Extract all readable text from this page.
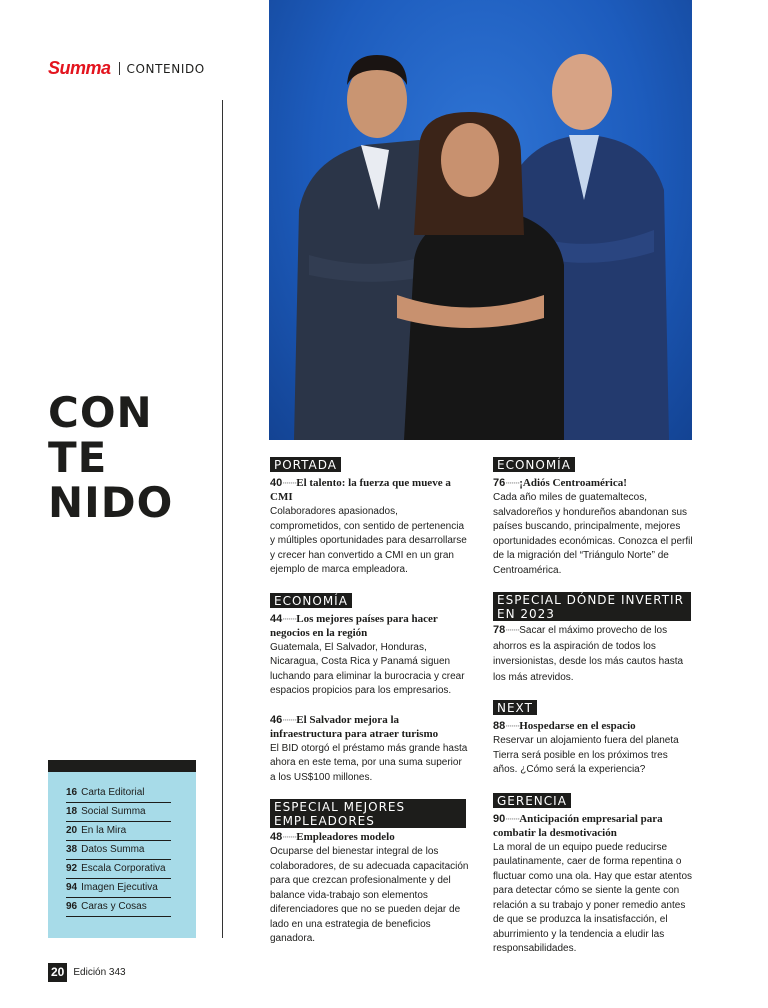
Summa CONTENIDO
CON
TE
NIDO
16 Carta Editorial
18 Social Summa
20 En la Mira
38 Datos Summa
92 Escala Corporativa
94 Imagen Ejecutiva
96 Caras y Cosas
PORTADA
40·······El talento: la fuerza que mueve a CMI
Colaboradores apasionados, comprometidos, con sentido de pertenencia y múltiples oportunidades para desarrollarse y crecer han convertido a CMI en un gran ejemplo de marca empleadora.
ECONOMÍA
44·······Los mejores países para hacer negocios en la región
Guatemala, El Salvador, Honduras, Nicaragua, Costa Rica y Panamá siguen luchando para eliminar la burocracia y crear espacios propicios para los empresarios.
46·······El Salvador mejora la infraestructura para atraer turismo
El BID otorgó el préstamo más grande hasta ahora en este tema, por una suma superior a los US$100 millones.
ESPECIAL MEJORES
EMPLEADORES
48·······Empleadores modelo
Ocuparse del bienestar integral de los colaboradores, de su adecuada capacitación para que crezcan profesionalmente y del balance vida-trabajo son elementos diferenciadores que no se pueden dejar de lado en una estrategia de beneficios ganadora.
ECONOMÍA
76·······¡Adiós Centroamérica!
Cada año miles de guatemaltecos, salvadoreños y hondureños abandonan sus países buscando, principalmente, mejores oportunidades económicas. Conozca el perfil de la migración del “Triángulo Norte” de Centroamérica.
ESPECIAL DÓNDE INVERTIR
EN 2023
78·······Sacar el máximo provecho de los ahorros es la aspiración de todos los inversionistas, desde los más cautos hasta los más atrevidos.
NEXT
88·······Hospedarse en el espacio
Reservar un alojamiento fuera del planeta Tierra será posible en los próximos tres años. ¿Cómo será la experiencia?
GERENCIA
90·······Anticipación empresarial para combatir la desmotivación
La moral de un equipo puede reducirse paulatinamente, caer de forma repentina o fluctuar como una ola. Hay que estar atentos para detectar cómo se siente la gente con relación a su trabajo y poner remedio antes de que se produzca la insatisfacción, el aburrimiento y la tendencia a eludir las responsabilidades.
20 Edición 343
